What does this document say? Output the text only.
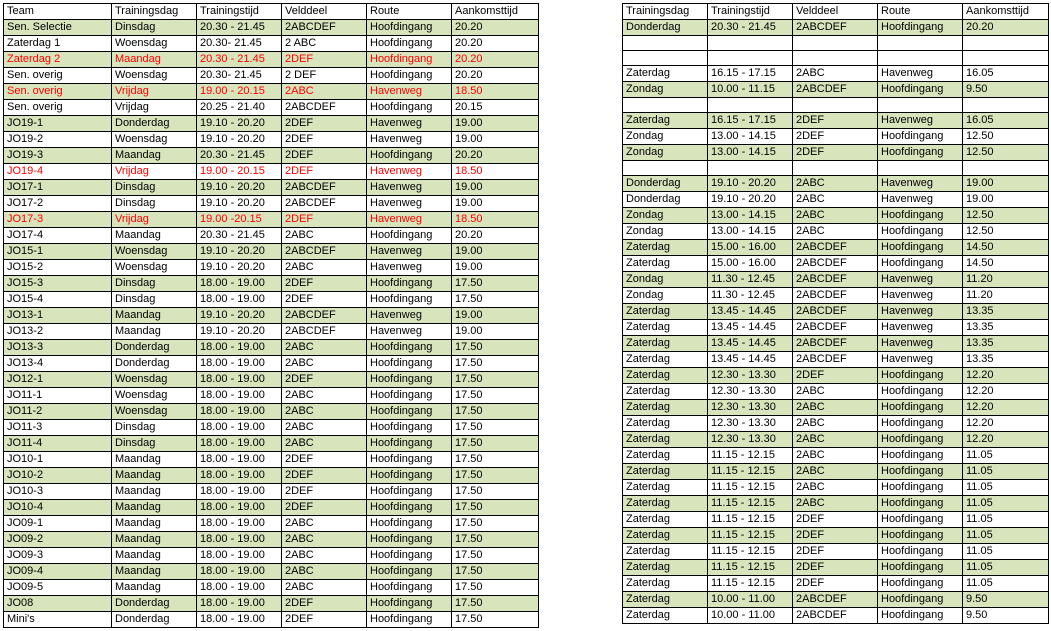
Team	Trainingsdag	Trainingstijd	Velddeel	Route	Aankomsttijd
Sen. Selectie	Dinsdag	20.30 - 21.45	2ABCDEF	Hoofdingang	20.20
Zaterdag 1	Woensdag	20.30- 21.45	2 ABC	Hoofdingang	20.20
Zaterdag 2	Maandag	20.30 - 21.45	2DEF	Hoofdingang	20.20
Sen. overig	Woensdag	20.30- 21.45	2 DEF	Hoofdingang	20.20
Sen. overig	Vrijdag	19.00 - 20.15	2ABC	Havenweg	18.50
Sen. overig	Vrijdag	20.25 - 21.40	2ABCDEF	Hoofdingang	20.15
JO19-1	Donderdag	19.10 - 20.20	2DEF	Havenweg	19.00
JO19-2	Woensdag	19.10 - 20.20	2DEF	Havenweg	19.00
JO19-3	Maandag	20.30 - 21.45	2DEF	Hoofdingang	20.20
JO19-4	Vrijdag	19.00 - 20.15	2DEF	Havenweg	18.50
JO17-1	Dinsdag	19.10 - 20.20	2ABCDEF	Havenweg	19.00
JO17-2	Dinsdag	19.10 - 20.20	2ABCDEF	Havenweg	19.00
JO17-3	Vrijdag	19.00 -20.15	2DEF	Havenweg	18.50
JO17-4	Maandag	20.30 - 21.45	2ABC	Hoofdingang	20.20
JO15-1	Woensdag	19.10 - 20.20	2ABCDEF	Havenweg	19.00
JO15-2	Woensdag	19.10 - 20.20	2ABC	Havenweg	19.00
JO15-3	Dinsdag	18.00 - 19.00	2DEF	Hoofdingang	17.50
JO15-4	Dinsdag	18.00 - 19.00	2DEF	Hoofdingang	17.50
JO13-1	Maandag	19.10 - 20.20	2ABCDEF	Havenweg	19.00
JO13-2	Maandag	19.10 - 20.20	2ABCDEF	Havenweg	19.00
JO13-3	Donderdag	18.00 - 19.00	2ABC	Hoofdingang	17.50
JO13-4	Donderdag	18.00 - 19.00	2ABC	Hoofdingang	17.50
JO12-1	Woensdag	18.00 - 19.00	2DEF	Hoofdingang	17.50
JO11-1	Woensdag	18.00 - 19.00	2ABC	Hoofdingang	17.50
JO11-2	Woensdag	18.00 - 19.00	2ABC	Hoofdingang	17.50
JO11-3	Dinsdag	18.00 - 19.00	2ABC	Hoofdingang	17.50
JO11-4	Dinsdag	18.00 - 19.00	2ABC	Hoofdingang	17.50
JO10-1	Maandag	18.00 - 19.00	2DEF	Hoofdingang	17.50
JO10-2	Maandag	18.00 - 19.00	2DEF	Hoofdingang	17.50
JO10-3	Maandag	18.00 - 19.00	2DEF	Hoofdingang	17.50
JO10-4	Maandag	18.00 - 19.00	2DEF	Hoofdingang	17.50
JO09-1	Maandag	18.00 - 19.00	2ABC	Hoofdingang	17.50
JO09-2	Maandag	18.00 - 19.00	2ABC	Hoofdingang	17.50
JO09-3	Maandag	18.00 - 19.00	2ABC	Hoofdingang	17.50
JO09-4	Maandag	18.00 - 19.00	2ABC	Hoofdingang	17.50
JO09-5	Maandag	18.00 - 19.00	2ABC	Hoofdingang	17.50
JO08	Donderdag	18.00 - 19.00	2DEF	Hoofdingang	17.50
Mini's	Donderdag	18.00 - 19.00	2DEF	Hoofdingang	17.50
Trainingsdag	Trainingstijd	Velddeel	Route	Aankomsttijd
Donderdag	20.30 - 21.45	2ABCDEF	Hoofdingang	20.20

Zaterdag	16.15 - 17.15	2ABC	Havenweg	16.05
Zondag	10.00 - 11.15	2ABCDEF	Hoofdingang	9.50

Zaterdag	16.15 - 17.15	2DEF	Havenweg	16.05
Zondag	13.00 - 14.15	2DEF	Hoofdingang	12.50
Zondag	13.00 - 14.15	2DEF	Hoofdingang	12.50

Donderdag	19.10 - 20.20	2ABC	Havenweg	19.00
Donderdag	19.10 - 20.20	2ABC	Havenweg	19.00
Zondag	13.00 - 14.15	2ABC	Hoofdingang	12.50
Zondag	13.00 - 14.15	2ABC	Hoofdingang	12.50
Zaterdag	15.00 - 16.00	2ABCDEF	Hoofdingang	14.50
Zaterdag	15.00 - 16.00	2ABCDEF	Hoofdingang	14.50
Zondag	11.30 - 12.45	2ABCDEF	Havenweg	11.20
Zondag	11.30 - 12.45	2ABCDEF	Havenweg	11.20
Zaterdag	13.45 - 14.45	2ABCDEF	Havenweg	13.35
Zaterdag	13.45 - 14.45	2ABCDEF	Havenweg	13.35
Zaterdag	13.45 - 14.45	2ABCDEF	Havenweg	13.35
Zaterdag	13.45 - 14.45	2ABCDEF	Havenweg	13.35
Zaterdag	12.30 - 13.30	2DEF	Hoofdingang	12.20
Zaterdag	12.30 - 13.30	2ABC	Hoofdingang	12.20
Zaterdag	12.30 - 13.30	2ABC	Hoofdingang	12.20
Zaterdag	12.30 - 13.30	2ABC	Hoofdingang	12.20
Zaterdag	12.30 - 13.30	2ABC	Hoofdingang	12.20
Zaterdag	11.15 - 12.15	2ABC	Hoofdingang	11.05
Zaterdag	11.15 - 12.15	2ABC	Hoofdingang	11.05
Zaterdag	11.15 - 12.15	2ABC	Hoofdingang	11.05
Zaterdag	11.15 - 12.15	2ABC	Hoofdingang	11.05
Zaterdag	11.15 - 12.15	2DEF	Hoofdingang	11.05
Zaterdag	11.15 - 12.15	2DEF	Hoofdingang	11.05
Zaterdag	11.15 - 12.15	2DEF	Hoofdingang	11.05
Zaterdag	11.15 - 12.15	2DEF	Hoofdingang	11.05
Zaterdag	11.15 - 12.15	2DEF	Hoofdingang	11.05
Zaterdag	10.00 - 11.00	2ABCDEF	Hoofdingang	9.50
Zaterdag	10.00 - 11.00	2ABCDEF	Hoofdingang	9.50
